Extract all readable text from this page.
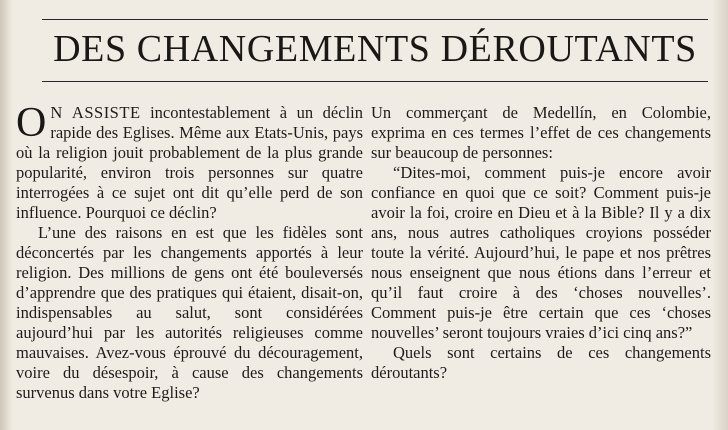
DES CHANGEMENTS DÉROUTANTS

O N ASSISTE incontestablement à un déclin rapide des Eglises. Même aux Etats-Unis, pays où la religion jouit probablement de la plus grande popularité, environ trois personnes sur quatre interrogées à ce sujet ont dit qu’elle perd de son influence. Pourquoi ce déclin?

L’une des raisons en est que les fidèles sont déconcertés par les changements apportés à leur religion. Des millions de gens ont été bouleversés d’apprendre que des pratiques qui étaient, disait-on, indispensables au salut, sont considérées aujourd’hui par les autorités religieuses comme mauvaises. Avez-vous éprouvé du découragement, voire du désespoir, à cause des changements survenus dans votre Eglise?

Un commerçant de Medellín, en Colombie, exprima en ces termes l’effet de ces changements sur beaucoup de personnes:

“Dites-moi, comment puis-je encore avoir confiance en quoi que ce soit? Comment puis-je avoir la foi, croire en Dieu et à la Bible? Il y a dix ans, nous autres catholiques croyions posséder toute la vérité. Aujourd’hui, le pape et nos prêtres nous enseignent que nous étions dans l’erreur et qu’il faut croire à des ‘choses nouvelles’. Comment puis-je être certain que ces ‘choses nouvelles’ seront toujours vraies d’ici cinq ans?”

Quels sont certains de ces changements déroutants?
